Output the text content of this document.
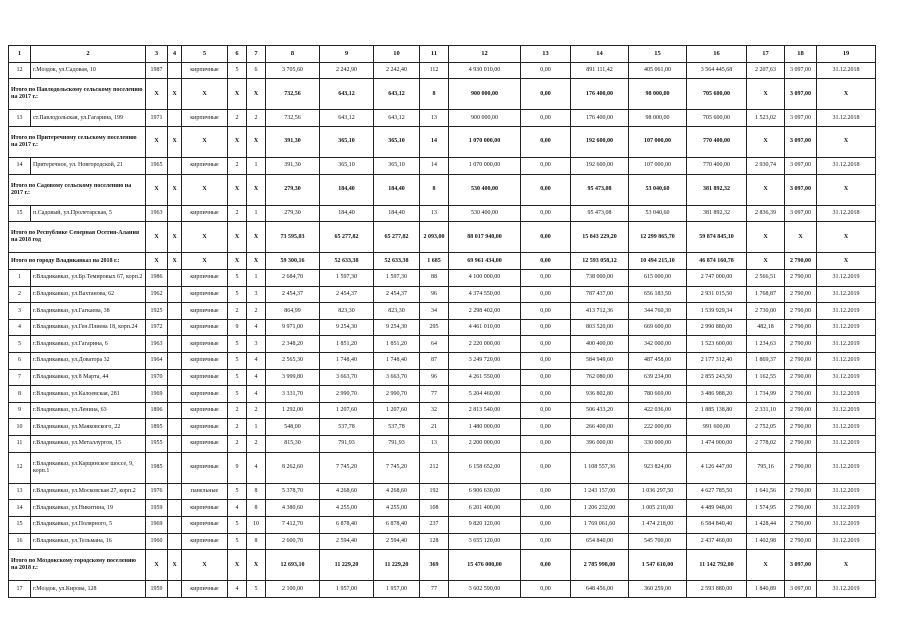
1	2	3	4	5	6	7	8	9	10	11	12	13	14	15	16	17	18	19
12	г.Моздок, ул.Садовая, 10	1987		кирпичные	5	6	3 705,60	2 242,90	2 242,40	112	4 930 010,00	0,00	891 111,42	405 061,00	3 564 445,68	2 207,63	3 097,00	31.12.2018
Итого по Павлодольскому сельскому поселению на 2017 г.:		X	X	X	X	X	732,56	643,12	643,12	8	900 000,00	0,00	176 400,00	98 000,00	705 600,00	X	3 097,00	X
13	ст.Павлодольская, ул.Гагарина, 199	1971		кирпичные	2	2	732,56	643,12	643,12	13	900 000,00	0,00	176 400,00	98 000,00	705 600,00	1 523,02	3 097,00	31.12.2018
Итого по Притеречному сельскому поселению на 2017 г.:		X	X	X	X	X	391,30	365,10	365,10	14	1 070 000,00	0,00	192 600,00	107 000,00	770 400,00	X	3 097,00	X
14	Притеречное, ул. Новгородской, 21	1965		кирпичные	2	1	391,30	365,10	365,10	14	1 070 000,00	0,00	192 600,00	107 000,00	770 400,00	2 930,74	3 097,00	31.12.2018
Итого по Садовому сельскому поселению на 2017 г.:		X	X	X	X	X	279,30	184,40	184,40	8	530 400,00	0,00	95 473,08	53 040,60	381 892,32	X	3 097,00	X
15	п.Садовый, ул.Пролетарская, 5	1963		кирпичные	2	1	279,30	184,40	184,40	13	530 400,00	0,00	95 473,08	53 040,60	381 892,32	2 836,39	3 097,00	31.12.2018
Итого по Республике Северная Осетия-Алания на 2018 год		X	X	X	X	X	73 595,03	65 277,82	65 277,82	2 093,00	88 017 940,00	0,00	15 843 229,20	12 299 865,70	59 874 845,10	X	X	X
Итого по городу Владикавказ на 2018 г.:		X	X	X	X	X	59 300,16	52 633,38	52 633,38	1 685	69 961 434,00	0,00	12 593 058,12	10 494 215,10	46 874 160,78	X	2 790,00	X
1	г.Владикавказ, ул.Бр.Темировых 67, корп.2	1986		кирпичные	5	1	2 684,70	1 597,30	1 597,30	88	4 100 000,00	0,00	738 000,00	615 000,00	2 747 000,00	2 566,51	2 790,00	31.12.2019
2	г.Владикавказ, ул.Вахтанова, 62	1962		кирпичные	5	3	2 454,37	2 454,37	2 454,37	96	4 374 550,00	0,00	787 437,00	656 183,50	2 931 015,50	1 768,87	2 790,00	31.12.2019
3	г.Владикавказ, ул.Гагкаева, 38	1925		кирпичные	2	2	864,99	823,30	823,30	34	2 298 402,00	0,00	413 712,36	344 760,30	1 539 929,34	2 730,00	2 790,00	31.12.2019
4	г.Владикавказ, ул.Ген.Плиева 18, корп.24	1972		кирпичные	9	4	9 971,00	9 254,30	9 254,30	295	4 461 010,00	0,00	803 520,00	669 600,00	2 990 880,00	482,18	2 790,00	31.12.2019
5	г.Владикавказ, ул.Гагарина, 6	1963		кирпичные	5	3	2 348,20	1 851,20	1 851,20	64	2 220 000,00	0,00	400 400,00	342 000,00	1 523 600,00	1 234,63	2 790,00	31.12.2019
6	г.Владикавказ, ул.Доватора 32	1964		кирпичные	5	4	2 565,30	1 748,40	1 748,40	87	3 249 720,00	0,00	584 949,60	487 458,00	2 177 312,40	1 869,37	2 790,00	31.12.2019
7	г.Владикавказ, ул.8 Марта, 44	1970		кирпичные	5	4	3 999,80	3 663,70	3 663,70	96	4 261 550,00	0,00	762 080,00	639 234,00	2 855 243,50	1 162,55	2 790,00	31.12.2019
8	г.Владикавказ, ул.Калоевская, 281	1969		кирпичные	5	4	3 331,70	2 990,70	2 990,70	77	5 204 460,00	0,00	936 802,80	780 669,00	3 486 988,20	1 734,99	2 790,00	31.12.2019
9	г.Владикавказ, ул.Ленина, 63	1896		кирпичные	2	2	1 292,00	1 207,60	1 207,60	32	2 813 540,00	0,00	506 433,20	422 036,00	1 885 138,80	2 331,10	2 790,00	31.12.2019
10	г.Владикавказ, ул.Маяковского, 22	1895		кирпичные	2	1	548,00	537,78	537,78	21	1 480 000,00	0,00	266 400,00	222 000,00	991 600,00	2 752,05	2 790,00	31.12.2019
11	г.Владикавказ, ул.Металлургов, 15	1955		кирпичные	2	2	815,30	791,93	791,93	13	2 200 000,00	0,00	396 000,00	330 000,00	1 474 000,00	2 778,02	2 790,00	31.12.2019
12	г.Владикавказ, ул.Карцинское шоссе, 9, корп.1	1985		кирпичные	9	4	8 262,60	7 745,20	7 745,20	212	6 158 652,00	0,00	1 108 557,36	923 824,00	4 126 447,00	795,16	2 790,00	31.12.2019
13	г.Владикавказ, ул.Московская 27, корп.2	1976		панельные	5	8	5 378,70	4 268,60	4 268,60	192	6 906 630,00	0,00	1 243 157,00	1 036 297,50	4 627 785,50	1 641,56	2 790,00	31.12.2019
14	г.Владикавказ, ул.Никитина, 19	1959		кирпичные	4	8	4 380,60	4 255,00	4 255,00	108	6 201 400,00	0,00	1 206 232,00	1 005 210,00	4 489 948,00	1 574,95	2 790,00	31.12.2019
15	г.Владикавказ, ул.Полярного, 5	1969		кирпичные	5	10	7 412,70	6 878,40	6 878,40	237	9 820 120,00	0,00	1 769 061,60	1 474 218,00	6 584 840,40	1 428,44	2 790,00	31.12.2019
16	г.Владикавказ, ул.Тельмана, 16	1960		кирпичные	5	8	2 600,70	2 594,40	2 594,40	128	3 655 120,00	0,00	654 840,00	545 700,00	2 437 460,00	1 402,98	2 790,00	31.12.2019
Итого по Моздокскому городскому поселению на 2018 г.:		X	X	X	X	X	12 693,10	11 229,20	11 229,20	369	15 476 000,00	0,00	2 785 998,00	1 547 610,00	11 142 792,00	X	3 097,00	X
17	г.Моздок, ул.Кирова, 128	1959		кирпичные	4	5	2 100,00	1 957,00	1 957,00	77	3 602 590,00	0,00	648 456,00	360 259,00	2 593 880,00	1 840,89	3 097,00	31.12.2019
